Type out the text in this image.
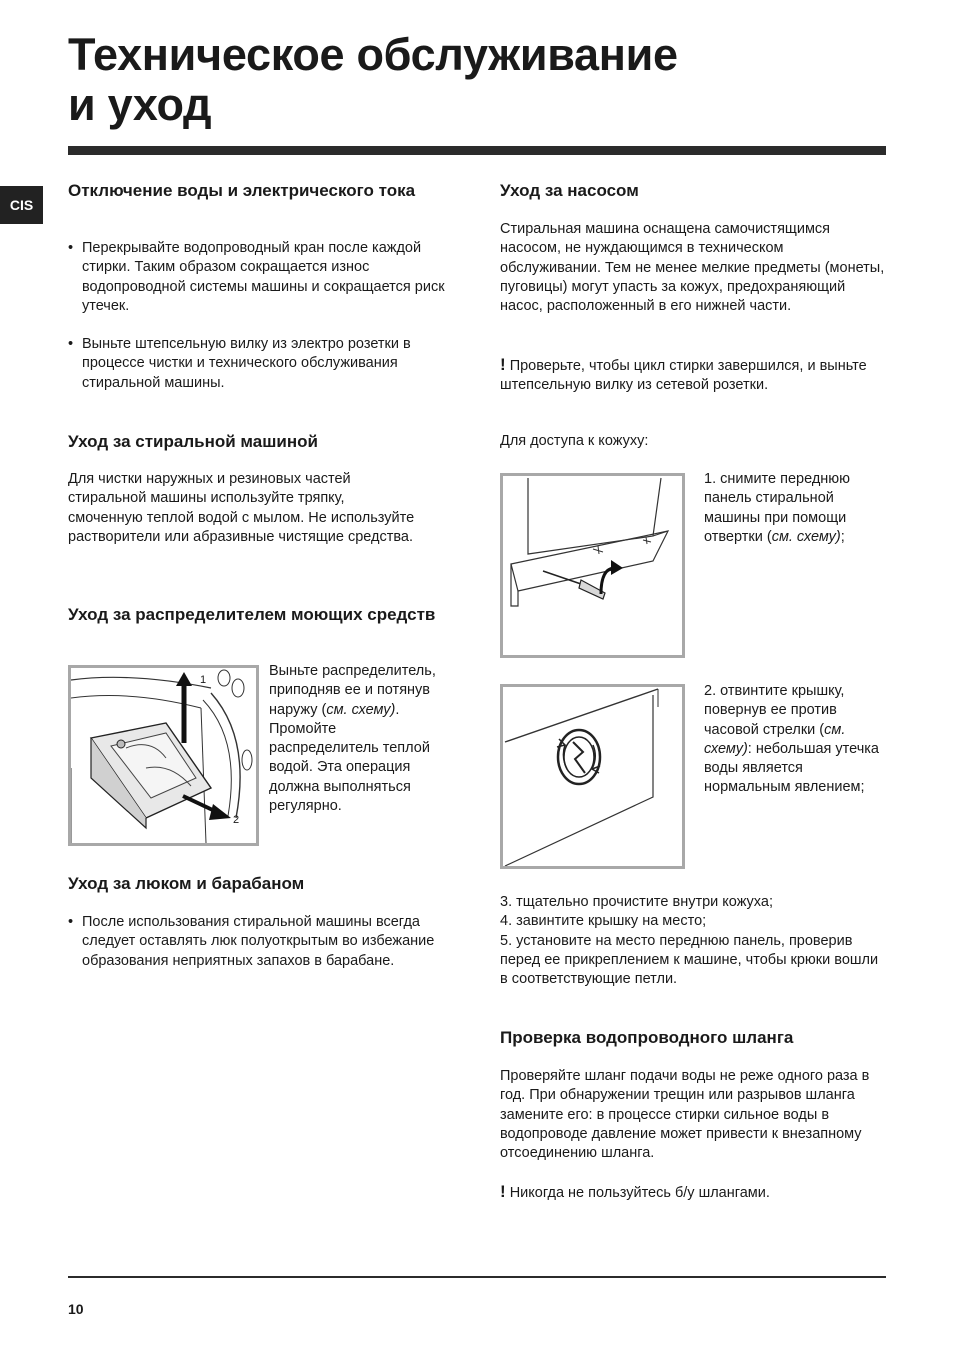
Техническое обслуживание
и уход
CIS
Отключение воды и электрического тока
• Перекрывайте водопроводный кран после каждой стирки. Таким образом сокращается износ водопроводной системы машины и сокращается риск утечек.
• Выньте штепсельную вилку из электро розетки в процессе чистки и технического обслуживания стиральной машины.
Уход за стиральной машиной
Для чистки наружных и резиновых частей стиральной машины используйте тряпку, смоченную теплой водой с мылом. Не используйте растворители или абразивные чистящие средства.
Уход за распределителем моющих средств
1
2
Выньте распределитель, приподняв ее и потянув наружу (см. схему). Промойте распределитель теплой водой. Эта операция должна выполняться регулярно.
Уход за люком и барабаном
• После использования стиральной машины всегда следует оставлять люк полуоткрытым во избежание образования неприятных запахов в барабане.
Уход за насосом
Стиральная машина оснащена самочистящимся насосом, не нуждающимся в техническом обслуживании. Тем не менее мелкие предметы (монеты, пуговицы) могут упасть за кожух, предохраняющий насос, расположенный в его нижней части.
! Проверьте, чтобы цикл стирки завершился, и выньте штепсельную вилку из сетевой розетки.
Для доступа к кожуху:
1. снимите переднюю панель стиральной машины при помощи отвертки (см. схему);
2. отвинтите крышку, повернув ее против часовой стрелки (см. схему): небольшая утечка воды является нормальным явлением;

3. тщательно прочистите внутри кожуха;

4. завинтите крышку на место;

5. установите на место переднюю панель, проверив перед ее прикреплением к машине, чтобы крюки вошли в соответствующие петли.

Проверка водопроводного шланга
Проверяйте шланг подачи воды не реже одного раза в год. При обнаружении трещин или разрывов шланга замените его: в процессе стирки сильное воды в водопроводе давление может привести к внезапному отсоединению шланга.
! Никогда не пользуйтесь б/у шлангами.
10
